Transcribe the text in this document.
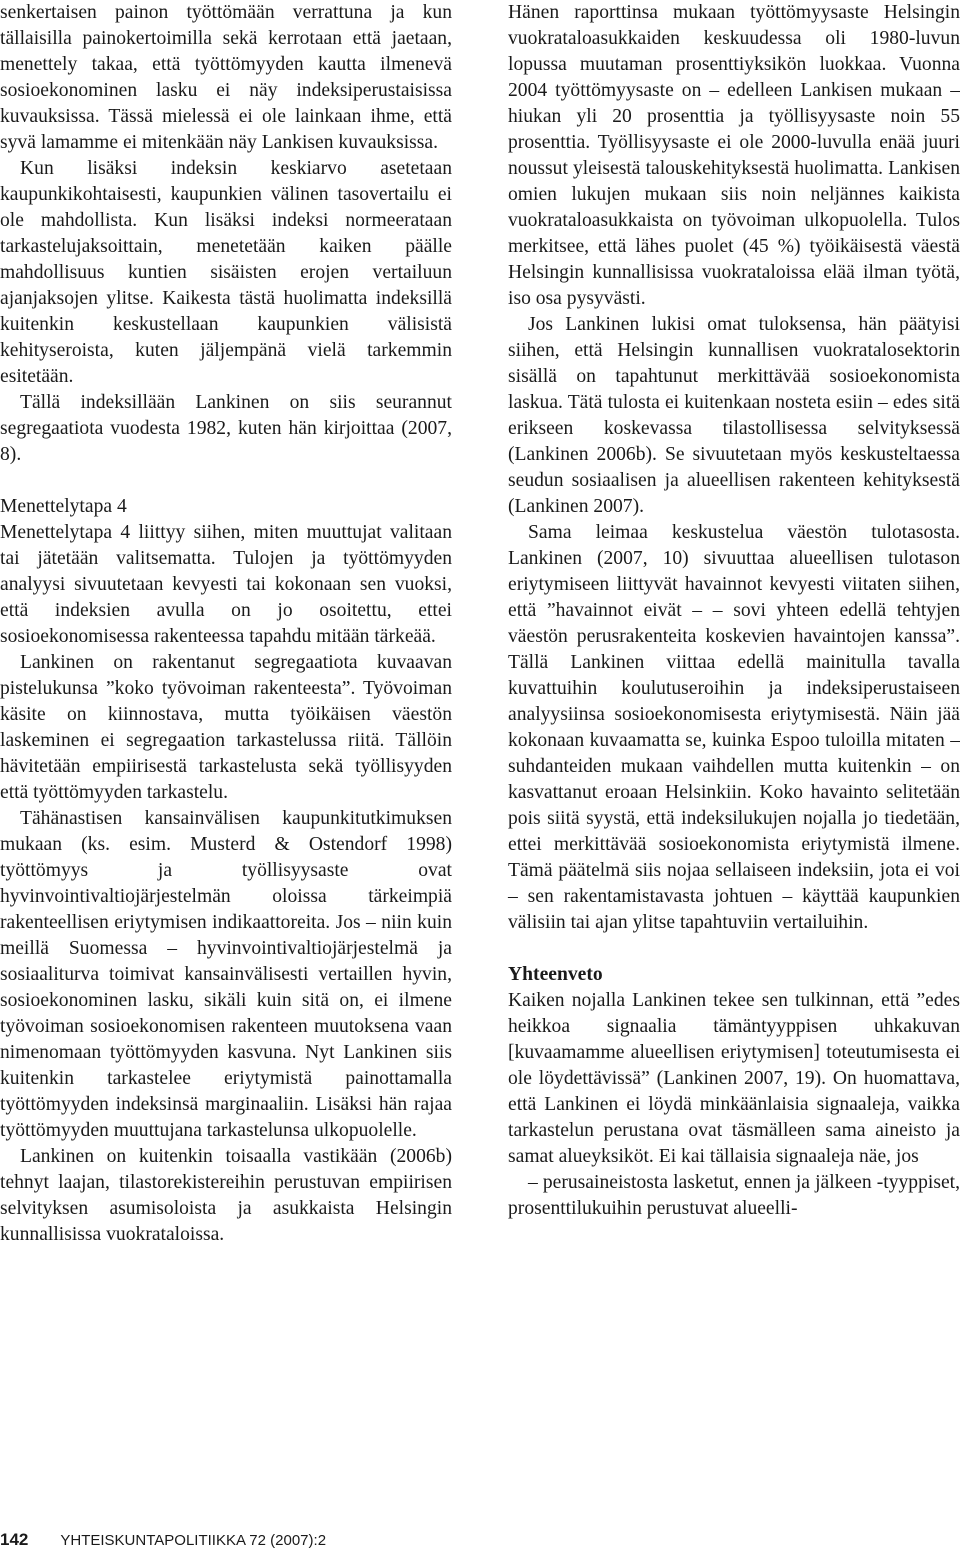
senkertaisen painon työttömään verrattuna ja kun tällaisilla painokertoimilla sekä kerrotaan että jaetaan, menettely takaa, että työttömyyden kautta ilmenevä sosioekonominen lasku ei näy indeksiperustaisissa kuvauksissa. Tässä mielessä ei ole lainkaan ihme, että syvä lamamme ei mitenkään näy Lankisen kuvauksissa.

Kun lisäksi indeksin keskiarvo asetetaan kaupunkikohtaisesti, kaupunkien välinen tasovertailu ei ole mahdollista. Kun lisäksi indeksi normeerataan tarkastelujaksoittain, menetetään kaiken päälle mahdollisuus kuntien sisäisten erojen vertailuun ajanjaksojen ylitse. Kaikesta tästä huolimatta indeksillä kuitenkin keskustellaan kaupunkien välisistä kehityseroista, kuten jäljempänä vielä tarkemmin esitetään.

Tällä indeksillään Lankinen on siis seurannut segregaatiota vuodesta 1982, kuten hän kirjoittaa (2007, 8).

Menettelytapa 4

Menettelytapa 4 liittyy siihen, miten muuttujat valitaan tai jätetään valitsematta. Tulojen ja työttömyyden analyysi sivuutetaan kevyesti tai kokonaan sen vuoksi, että indeksien avulla on jo osoitettu, ettei sosioekonomisessa rakenteessa tapahdu mitään tärkeää.

Lankinen on rakentanut segregaatiota kuvaavan pistelukunsa ”koko työvoiman rakenteesta”. Työvoiman käsite on kiinnostava, mutta työikäisen väestön laskeminen ei segregaation tarkastelussa riitä. Tällöin hävitetään empiirisestä tarkastelusta sekä työllisyyden että työttömyyden tarkastelu.

Tähänastisen kansainvälisen kaupunkitutkimuksen mukaan (ks. esim. Musterd & Ostendorf 1998) työttömyys ja työllisyysaste ovat hyvinvointivaltiojärjestelmän oloissa tärkeimpiä rakenteellisen eriytymisen indikaattoreita. Jos – niin kuin meillä Suomessa – hyvinvointivaltiojärjestelmä ja sosiaaliturva toimivat kansainvälisesti vertaillen hyvin, sosioekonominen lasku, sikäli kuin sitä on, ei ilmene työvoiman sosioekonomisen rakenteen muutoksena vaan nimenomaan työttömyyden kasvuna. Nyt Lankinen siis kuitenkin tarkastelee eriytymistä painottamalla työttömyyden indeksinsä marginaaliin. Lisäksi hän rajaa työttömyyden muuttujana tarkastelunsa ulkopuolelle.

Lankinen on kuitenkin toisaalla vastikään (2006b) tehnyt laajan, tilastorekistereihin perustuvan empiirisen selvityksen asumisoloista ja asukkaista Helsingin kunnallisissa vuokrataloissa.

Hänen raporttinsa mukaan työttömyysaste Helsingin vuokrataloasukkaiden keskuudessa oli 1980-luvun lopussa muutaman prosenttiyksikön luokkaa. Vuonna 2004 työttömyysaste on – edelleen Lankisen mukaan – hiukan yli 20 prosenttia ja työllisyysaste noin 55 prosenttia. Työllisyysaste ei ole 2000-luvulla enää juuri noussut yleisestä talouskehityksestä huolimatta. Lankisen omien lukujen mukaan siis noin neljännes kaikista vuokrataloasukkaista on työvoiman ulkopuolella. Tulos merkitsee, että lähes puolet (45 %) työikäisestä väestä Helsingin kunnallisissa vuokrataloissa elää ilman työtä, iso osa pysyvästi.

Jos Lankinen lukisi omat tuloksensa, hän päätyisi siihen, että Helsingin kunnallisen vuokratalosektorin sisällä on tapahtunut merkittävää sosioekonomista laskua. Tätä tulosta ei kuitenkaan nosteta esiin – edes sitä erikseen koskevassa tilastollisessa selvityksessä (Lankinen 2006b). Se sivuutetaan myös keskusteltaessa seudun sosiaalisen ja alueellisen rakenteen kehityksestä (Lankinen 2007).

Sama leimaa keskustelua väestön tulotasosta. Lankinen (2007, 10) sivuuttaa alueellisen tulotason eriytymiseen liittyvät havainnot kevyesti viitaten siihen, että ”havainnot eivät – – sovi yhteen edellä tehtyjen väestön perusrakenteita koskevien havaintojen kanssa”. Tällä Lankinen viittaa edellä mainitulla tavalla kuvattuihin koulutuseroihin ja indeksiperustaiseen analyysiinsa sosioekonomisesta eriytymisestä. Näin jää kokonaan kuvaamatta se, kuinka Espoo tuloilla mitaten – suhdanteiden mukaan vaihdellen mutta kuitenkin – on kasvattanut eroaan Helsinkiin. Koko havainto selitetään pois siitä syystä, että indeksilukujen nojalla jo tiedetään, ettei merkittävää sosioekonomista eriytymistä ilmene. Tämä päätelmä siis nojaa sellaiseen indeksiin, jota ei voi – sen rakentamistavasta johtuen – käyttää kaupunkien välisiin tai ajan ylitse tapahtuviin vertailuihin.

Yhteenveto

Kaiken nojalla Lankinen tekee sen tulkinnan, että ”edes heikkoa signaalia tämäntyyppisen uhkakuvan [kuvaamamme alueellisen eriytymisen] toteutumisesta ei ole löydettävissä” (Lankinen 2007, 19). On huomattava, että Lankinen ei löydä minkäänlaisia signaaleja, vaikka tarkastelun perustana ovat täsmälleen sama aineisto ja samat alueyksiköt. Ei kai tällaisia signaaleja näe, jos

– perusaineistosta lasketut, ennen ja jälkeen -tyyppiset, prosenttilukuihin perustuvat alueelli-

142 YHTEISKUNTAPOLITIIKKA 72 (2007):2
